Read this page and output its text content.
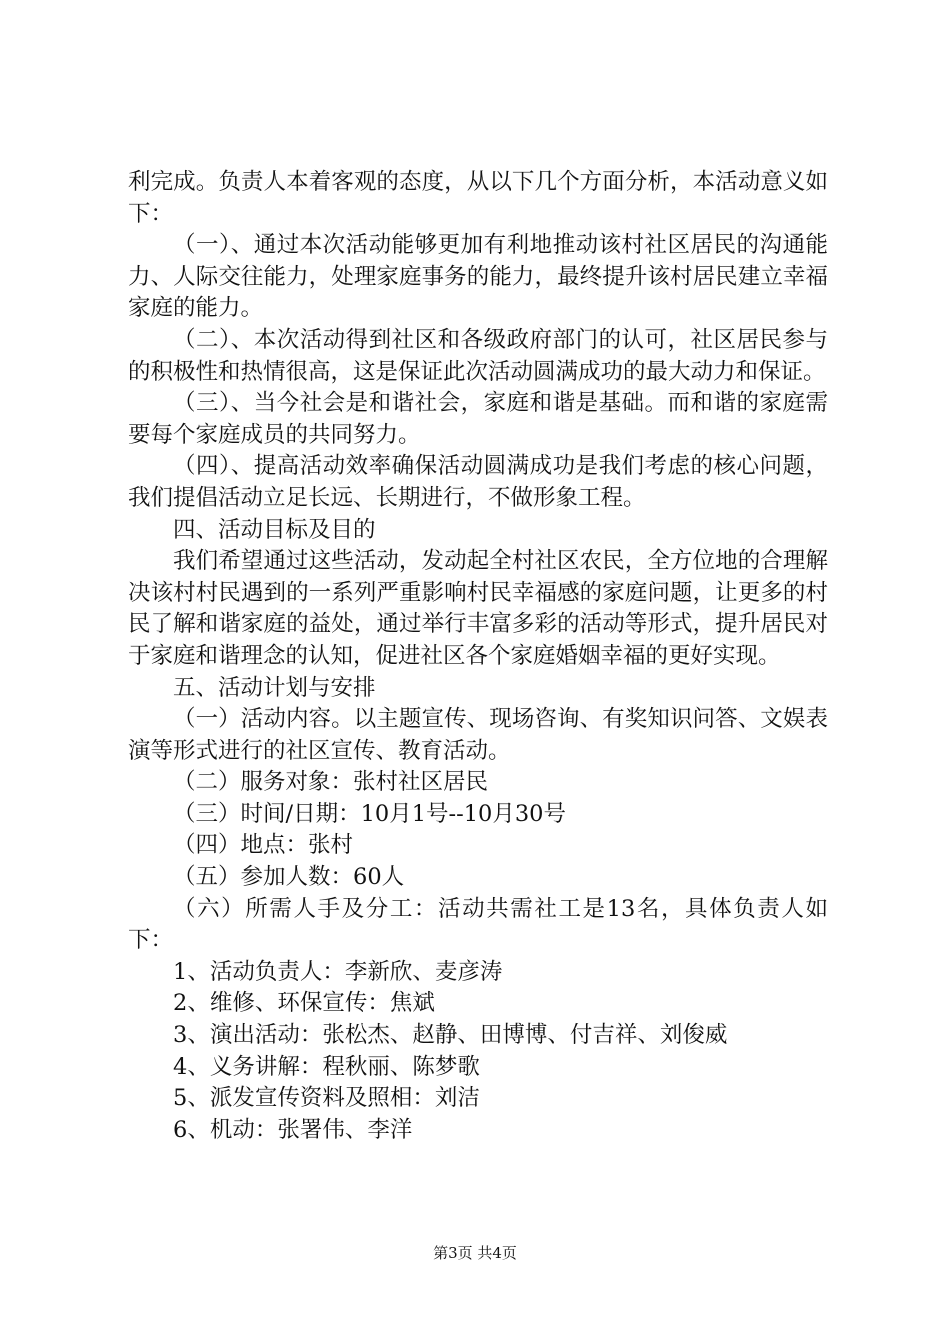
利完成。负责人本着客观的态度，从以下几个方面分析，本活动意义如下：

（一）、通过本次活动能够更加有利地推动该村社区居民的沟通能力、人际交往能力，处理家庭事务的能力，最终提升该村居民建立幸福家庭的能力。

（二）、本次活动得到社区和各级政府部门的认可，社区居民参与的积极性和热情很高，这是保证此次活动圆满成功的最大动力和保证。

（三）、当今社会是和谐社会，家庭和谐是基础。而和谐的家庭需要每个家庭成员的共同努力。

（四）、提高活动效率确保活动圆满成功是我们考虑的核心问题，我们提倡活动立足长远、长期进行，不做形象工程。

四、活动目标及目的

我们希望通过这些活动，发动起全村社区农民，全方位地的合理解决该村村民遇到的一系列严重影响村民幸福感的家庭问题，让更多的村民了解和谐家庭的益处，通过举行丰富多彩的活动等形式，提升居民对于家庭和谐理念的认知，促进社区各个家庭婚姻幸福的更好实现。

五、活动计划与安排

（一）活动内容。以主题宣传、现场咨询、有奖知识问答、文娱表演等形式进行的社区宣传、教育活动。

（二）服务对象：张村社区居民

（三）时间/日期：10月1号--10月30号

（四）地点：张村

（五）参加人数：60人

（六）所需人手及分工：活动共需社工是13名，具体负责人如下：

1、活动负责人：李新欣、麦彦涛

2、维修、环保宣传：焦斌

3、演出活动：张松杰、赵静、田博博、付吉祥、刘俊威

4、义务讲解：程秋丽、陈梦歌

5、派发宣传资料及照相：刘洁

6、机动：张署伟、李洋

第3页 共4页
